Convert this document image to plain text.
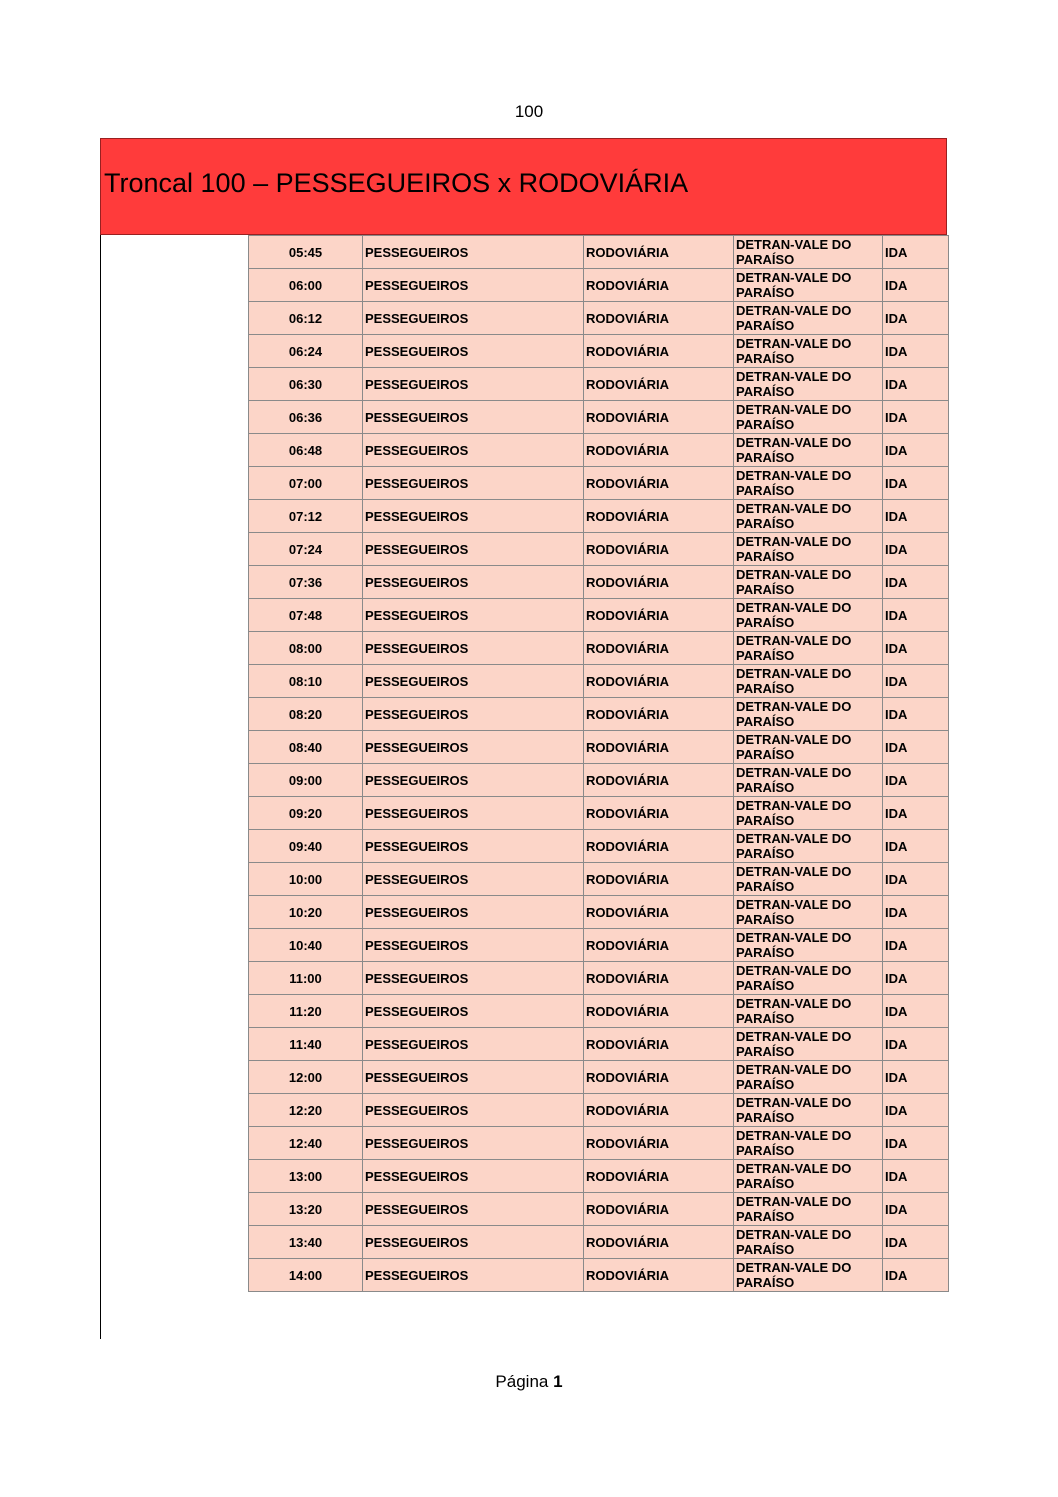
100
Troncal 100 – PESSEGUEIROS x RODOVIÁRIA
05:45	PESSEGUEIROS	RODOVIÁRIA	DETRAN-VALE DO PARAÍSO	IDA
06:00	PESSEGUEIROS	RODOVIÁRIA	DETRAN-VALE DO PARAÍSO	IDA
06:12	PESSEGUEIROS	RODOVIÁRIA	DETRAN-VALE DO PARAÍSO	IDA
06:24	PESSEGUEIROS	RODOVIÁRIA	DETRAN-VALE DO PARAÍSO	IDA
06:30	PESSEGUEIROS	RODOVIÁRIA	DETRAN-VALE DO PARAÍSO	IDA
06:36	PESSEGUEIROS	RODOVIÁRIA	DETRAN-VALE DO PARAÍSO	IDA
06:48	PESSEGUEIROS	RODOVIÁRIA	DETRAN-VALE DO PARAÍSO	IDA
07:00	PESSEGUEIROS	RODOVIÁRIA	DETRAN-VALE DO PARAÍSO	IDA
07:12	PESSEGUEIROS	RODOVIÁRIA	DETRAN-VALE DO PARAÍSO	IDA
07:24	PESSEGUEIROS	RODOVIÁRIA	DETRAN-VALE DO PARAÍSO	IDA
07:36	PESSEGUEIROS	RODOVIÁRIA	DETRAN-VALE DO PARAÍSO	IDA
07:48	PESSEGUEIROS	RODOVIÁRIA	DETRAN-VALE DO PARAÍSO	IDA
08:00	PESSEGUEIROS	RODOVIÁRIA	DETRAN-VALE DO PARAÍSO	IDA
08:10	PESSEGUEIROS	RODOVIÁRIA	DETRAN-VALE DO PARAÍSO	IDA
08:20	PESSEGUEIROS	RODOVIÁRIA	DETRAN-VALE DO PARAÍSO	IDA
08:40	PESSEGUEIROS	RODOVIÁRIA	DETRAN-VALE DO PARAÍSO	IDA
09:00	PESSEGUEIROS	RODOVIÁRIA	DETRAN-VALE DO PARAÍSO	IDA
09:20	PESSEGUEIROS	RODOVIÁRIA	DETRAN-VALE DO PARAÍSO	IDA
09:40	PESSEGUEIROS	RODOVIÁRIA	DETRAN-VALE DO PARAÍSO	IDA
10:00	PESSEGUEIROS	RODOVIÁRIA	DETRAN-VALE DO PARAÍSO	IDA
10:20	PESSEGUEIROS	RODOVIÁRIA	DETRAN-VALE DO PARAÍSO	IDA
10:40	PESSEGUEIROS	RODOVIÁRIA	DETRAN-VALE DO PARAÍSO	IDA
11:00	PESSEGUEIROS	RODOVIÁRIA	DETRAN-VALE DO PARAÍSO	IDA
11:20	PESSEGUEIROS	RODOVIÁRIA	DETRAN-VALE DO PARAÍSO	IDA
11:40	PESSEGUEIROS	RODOVIÁRIA	DETRAN-VALE DO PARAÍSO	IDA
12:00	PESSEGUEIROS	RODOVIÁRIA	DETRAN-VALE DO PARAÍSO	IDA
12:20	PESSEGUEIROS	RODOVIÁRIA	DETRAN-VALE DO PARAÍSO	IDA
12:40	PESSEGUEIROS	RODOVIÁRIA	DETRAN-VALE DO PARAÍSO	IDA
13:00	PESSEGUEIROS	RODOVIÁRIA	DETRAN-VALE DO PARAÍSO	IDA
13:20	PESSEGUEIROS	RODOVIÁRIA	DETRAN-VALE DO PARAÍSO	IDA
13:40	PESSEGUEIROS	RODOVIÁRIA	DETRAN-VALE DO PARAÍSO	IDA
14:00	PESSEGUEIROS	RODOVIÁRIA	DETRAN-VALE DO PARAÍSO	IDA
Página 1
